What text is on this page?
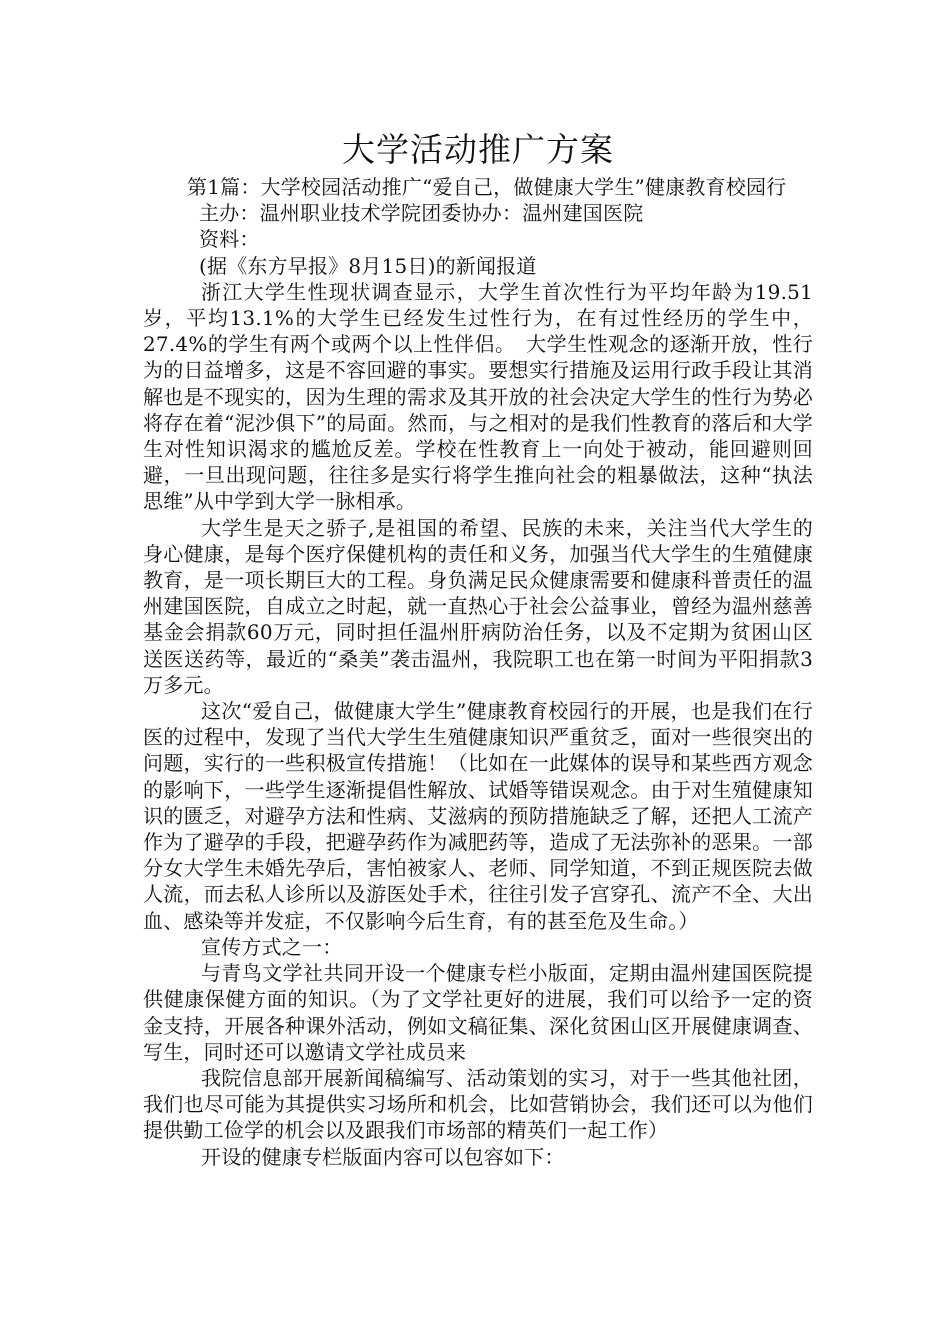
大学活动推广方案

第1篇：大学校园活动推广“爱自己，做健康大学生”健康教育校园行

主办：温州职业技术学院团委协办：温州建国医院

资料：

(据《东方早报》8月15日)的新闻报道

浙江大学生性现状调查显示，大学生首次性行为平均年龄为19.51岁，平均13.1%的大学生已经发生过性行为，在有过性经历的学生中，27.4%的学生有两个或两个以上性伴侣。　大学生性观念的逐渐开放，性行为的日益增多，这是不容回避的事实。要想实行措施及运用行政手段让其消解也是不现实的，因为生理的需求及其开放的社会决定大学生的性行为势必将存在着“泥沙俱下”的局面。然而，与之相对的是我们性教育的落后和大学生对性知识渴求的尴尬反差。学校在性教育上一向处于被动，能回避则回避，一旦出现问题，往往多是实行将学生推向社会的粗暴做法，这种“执法思维”从中学到大学一脉相承。

大学生是天之骄子,是祖国的希望、民族的未来，关注当代大学生的身心健康，是每个医疗保健机构的责任和义务，加强当代大学生的生殖健康教育，是一项长期巨大的工程。身负满足民众健康需要和健康科普责任的温州建国医院，自成立之时起，就一直热心于社会公益事业，曾经为温州慈善基金会捐款60万元，同时担任温州肝病防治任务，以及不定期为贫困山区送医送药等，最近的“桑美”袭击温州，我院职工也在第一时间为平阳捐款3万多元。

这次“爱自己，做健康大学生”健康教育校园行的开展，也是我们在行医的过程中，发现了当代大学生生殖健康知识严重贫乏，面对一些很突出的问题，实行的一些积极宣传措施！（比如在一此媒体的误导和某些西方观念的影响下，一些学生逐渐提倡性解放、试婚等错误观念。由于对生殖健康知识的匮乏，对避孕方法和性病、艾滋病的预防措施缺乏了解，还把人工流产作为了避孕的手段，把避孕药作为减肥药等，造成了无法弥补的恶果。一部分女大学生未婚先孕后，害怕被家人、老师、同学知道，不到正规医院去做人流，而去私人诊所以及游医处手术，往往引发子宫穿孔、流产不全、大出血、感染等并发症，不仅影响今后生育，有的甚至危及生命。）

宣传方式之一：

与青鸟文学社共同开设一个健康专栏小版面，定期由温州建国医院提供健康保健方面的知识。（为了文学社更好的进展，我们可以给予一定的资金支持，开展各种课外活动，例如文稿征集、深化贫困山区开展健康调查、写生，同时还可以邀请文学社成员来

我院信息部开展新闻稿编写、活动策划的实习，对于一些其他社团，我们也尽可能为其提供实习场所和机会，比如营销协会，我们还可以为他们提供勤工俭学的机会以及跟我们市场部的精英们一起工作）

开设的健康专栏版面内容可以包容如下：
